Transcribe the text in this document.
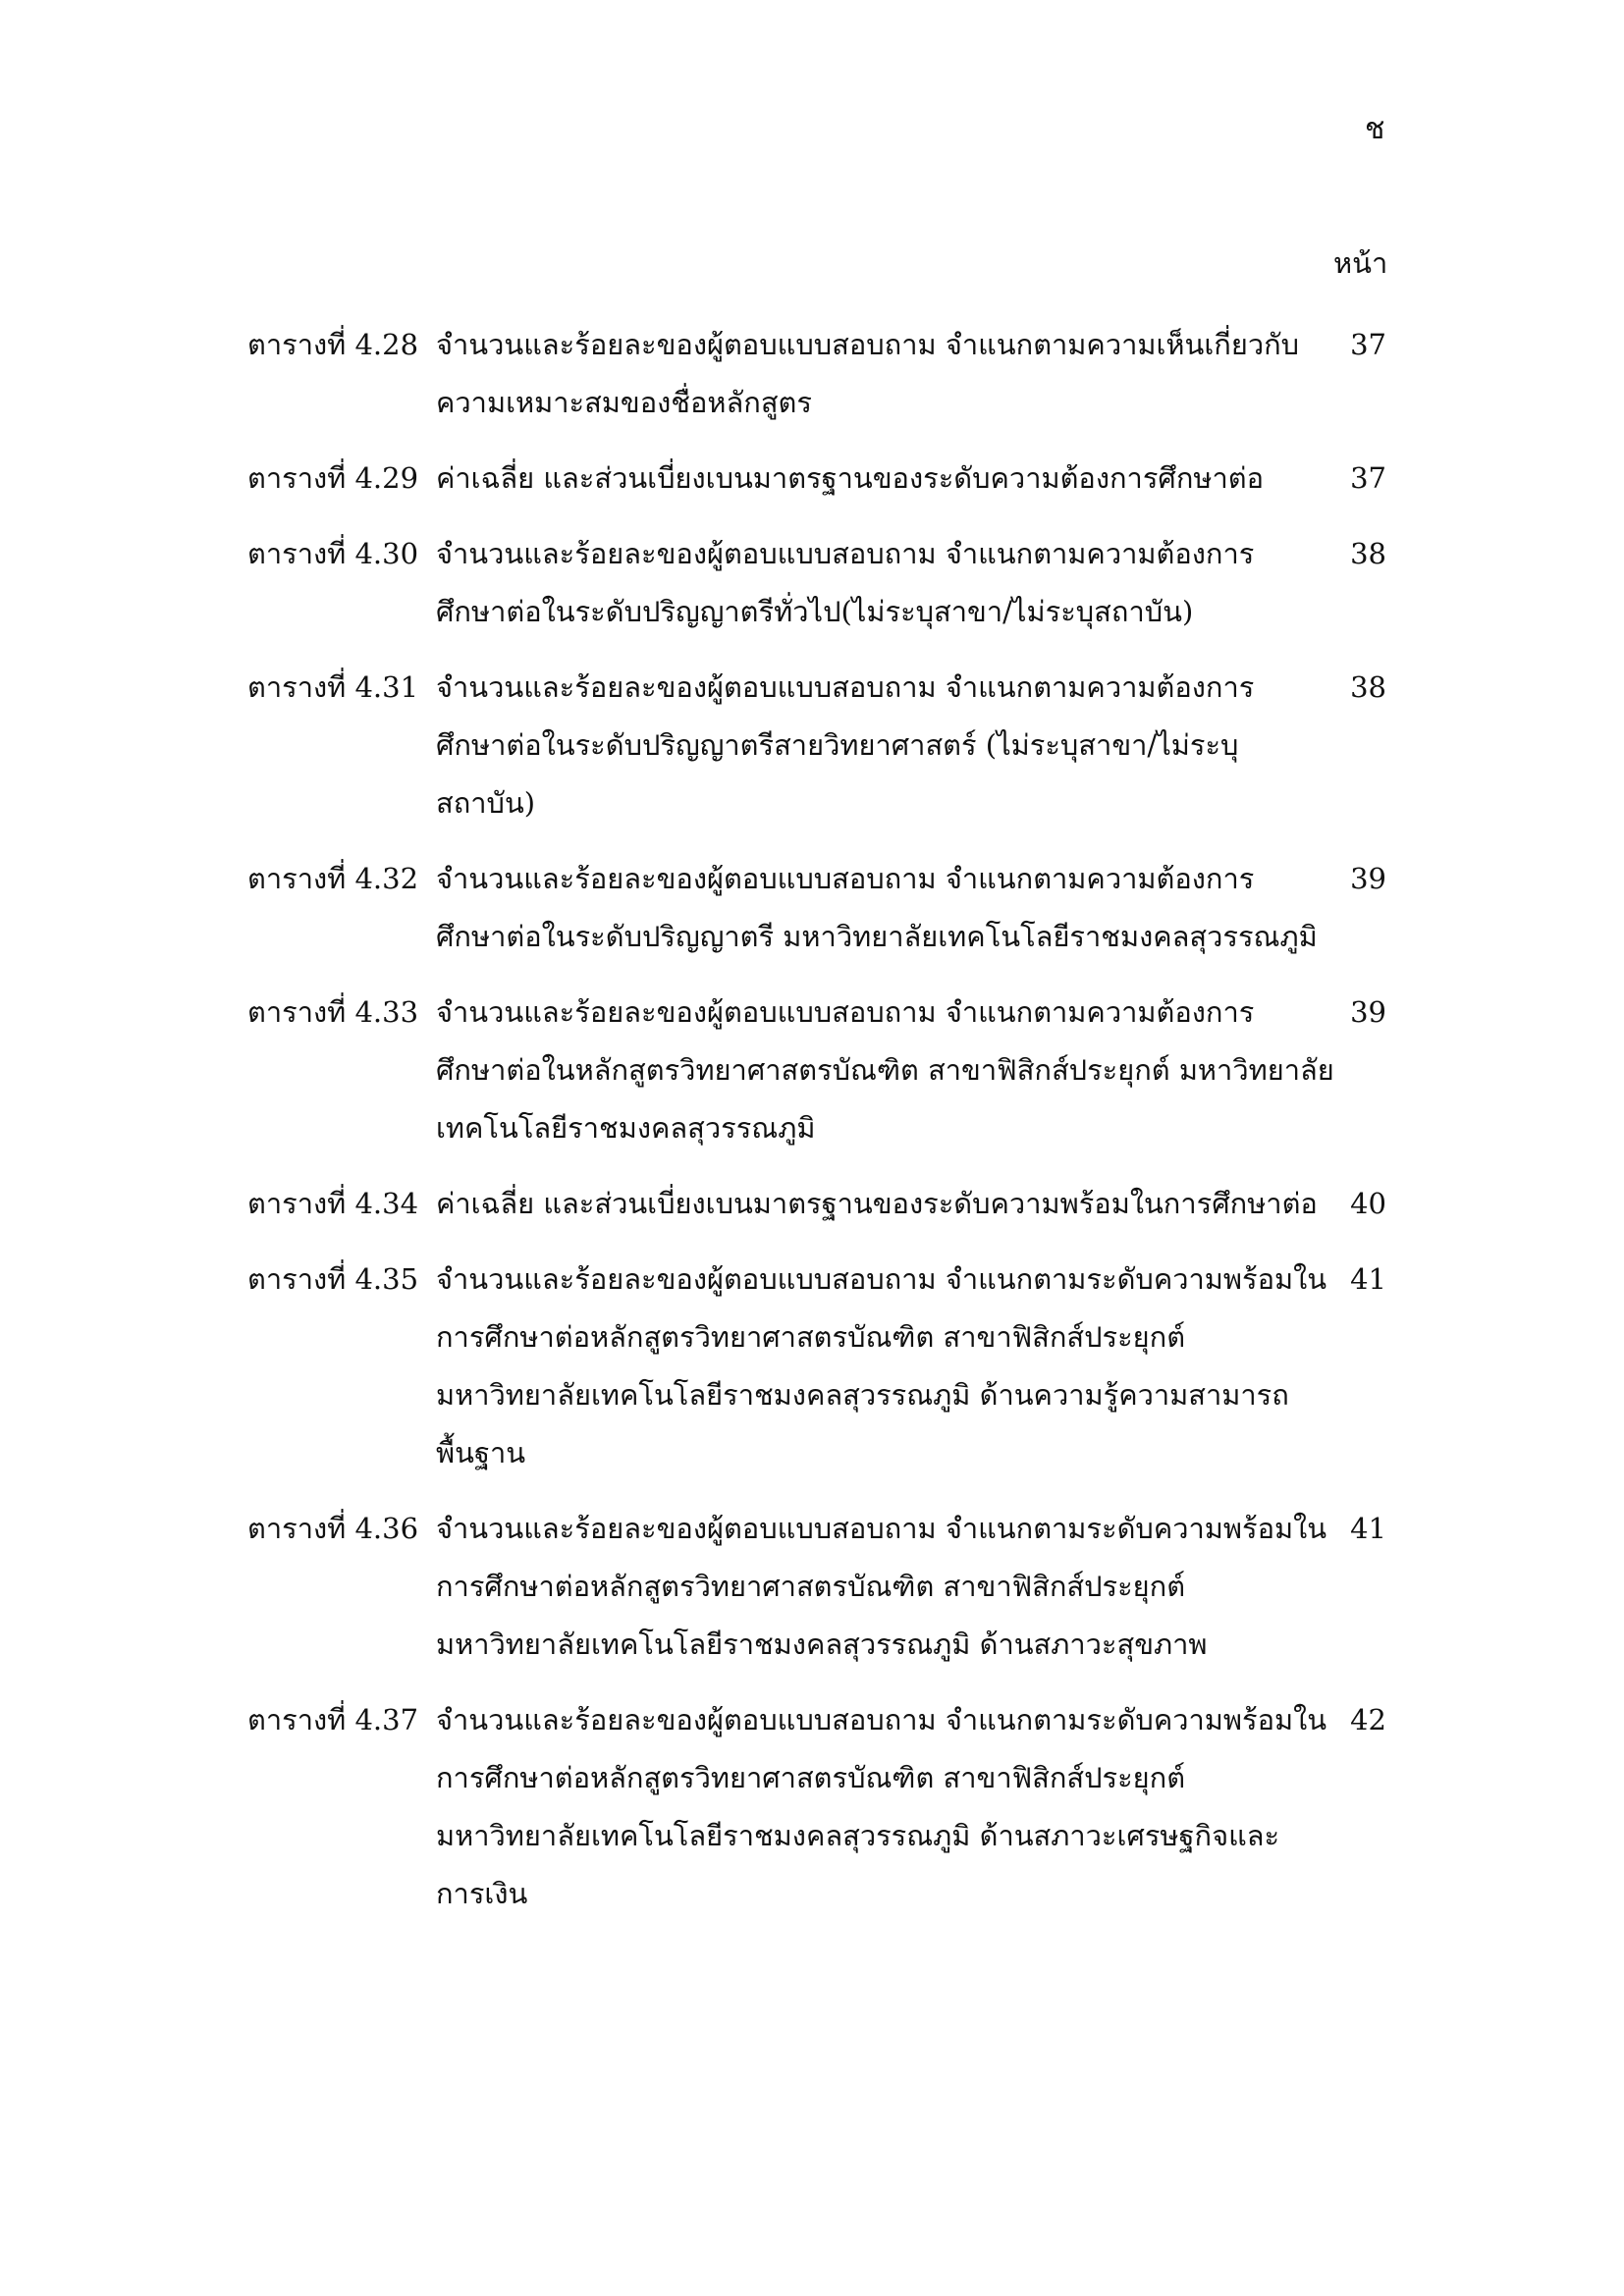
ช
หน้า
ตารางที่ 4.28 จำนวนและร้อยละของผู้ตอบแบบสอบถาม จำแนกตามความเห็นเกี่ยวกับ
ความเหมาะสมของชื่อหลักสูตร
37
ตารางที่ 4.29 ค่าเฉลี่ย และส่วนเบี่ยงเบนมาตรฐานของระดับความต้องการศึกษาต่อ	37
ตารางที่ 4.30 จำนวนและร้อยละของผู้ตอบแบบสอบถาม จำแนกตามความต้องการ
ศึกษาต่อในระดับปริญญาตรีทั่วไป(ไม่ระบุสาขา/ไม่ระบุสถาบัน)
38
ตารางที่ 4.31 จำนวนและร้อยละของผู้ตอบแบบสอบถาม จำแนกตามความต้องการ
ศึกษาต่อในระดับปริญญาตรีสายวิทยาศาสตร์ (ไม่ระบุสาขา/ไม่ระบุ
สถาบัน)
38
ตารางที่ 4.32 จำนวนและร้อยละของผู้ตอบแบบสอบถาม จำแนกตามความต้องการ
ศึกษาต่อในระดับปริญญาตรี มหาวิทยาลัยเทคโนโลยีราชมงคลสุวรรณภูมิ
39
ตารางที่ 4.33 จำนวนและร้อยละของผู้ตอบแบบสอบถาม จำแนกตามความต้องการ
ศึกษาต่อในหลักสูตรวิทยาศาสตรบัณฑิต สาขาฟิสิกส์ประยุกต์ มหาวิทยาลัย
เทคโนโลยีราชมงคลสุวรรณภูมิ
39
ตารางที่ 4.34 ค่าเฉลี่ย และส่วนเบี่ยงเบนมาตรฐานของระดับความพร้อมในการศึกษาต่อ	40
ตารางที่ 4.35 จำนวนและร้อยละของผู้ตอบแบบสอบถาม จำแนกตามระดับความพร้อมใน
การศึกษาต่อหลักสูตรวิทยาศาสตรบัณฑิต สาขาฟิสิกส์ประยุกต์
มหาวิทยาลัยเทคโนโลยีราชมงคลสุวรรณภูมิ ด้านความรู้ความสามารถ
พื้นฐาน
41
ตารางที่ 4.36 จำนวนและร้อยละของผู้ตอบแบบสอบถาม จำแนกตามระดับความพร้อมใน
การศึกษาต่อหลักสูตรวิทยาศาสตรบัณฑิต สาขาฟิสิกส์ประยุกต์
มหาวิทยาลัยเทคโนโลยีราชมงคลสุวรรณภูมิ ด้านสภาวะสุขภาพ
41
ตารางที่ 4.37 จำนวนและร้อยละของผู้ตอบแบบสอบถาม จำแนกตามระดับความพร้อมใน
การศึกษาต่อหลักสูตรวิทยาศาสตรบัณฑิต สาขาฟิสิกส์ประยุกต์
มหาวิทยาลัยเทคโนโลยีราชมงคลสุวรรณภูมิ ด้านสภาวะเศรษฐกิจและ
การเงิน
42
